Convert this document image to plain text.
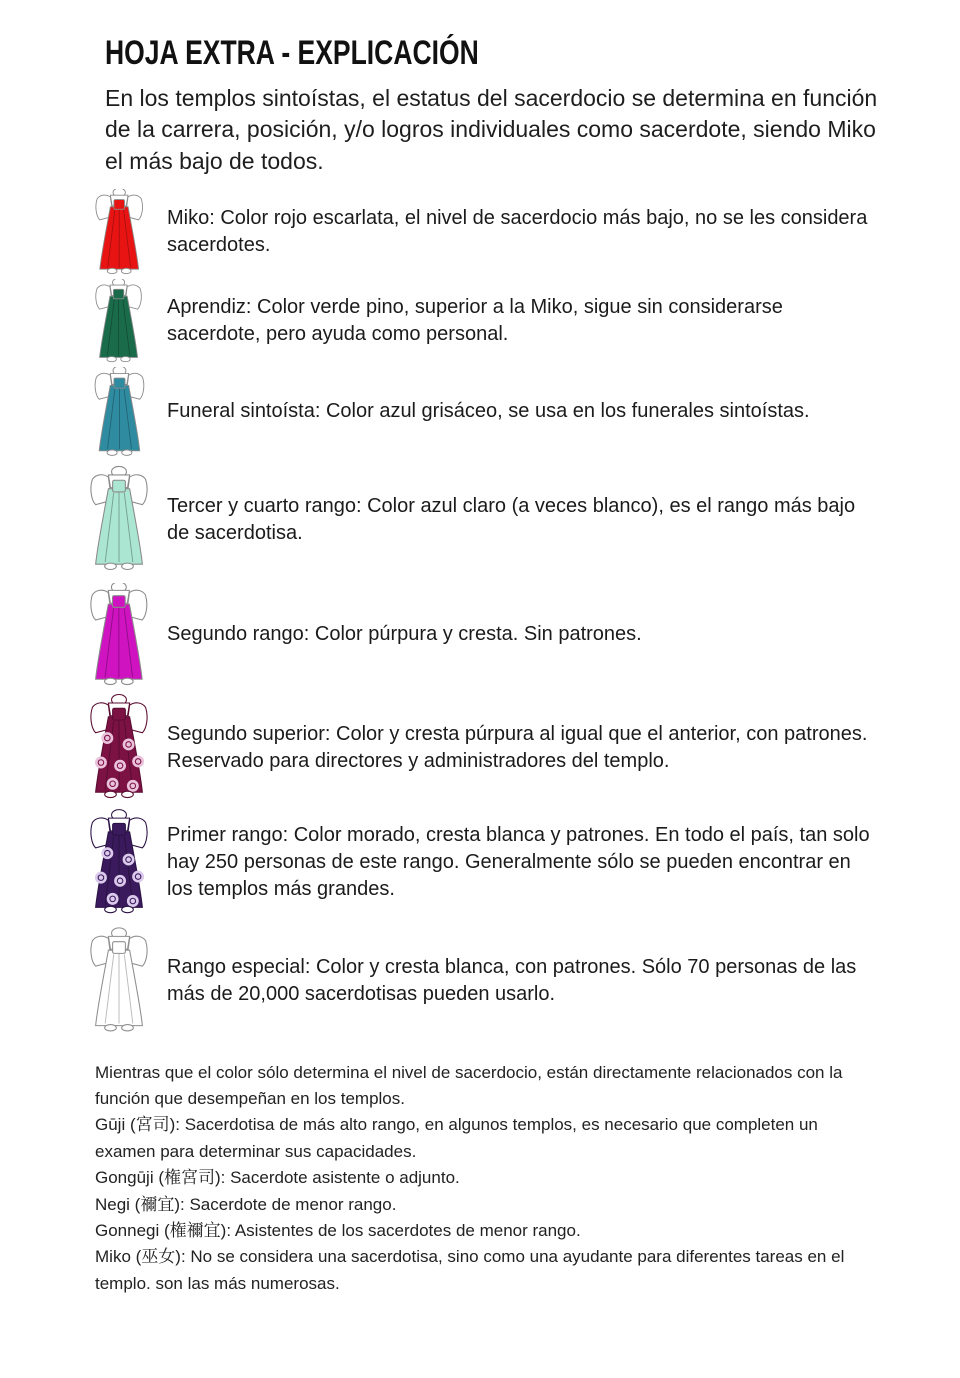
HOJA EXTRA - EXPLICACIÓN

En los templos sintoístas, el estatus del sacerdocio se determina en función de la carrera, posición, y/o logros individuales como sacerdote, siendo Miko el más bajo de todos.

Miko: Color rojo escarlata, el nivel de sacerdocio más bajo, no se les considera sacerdotes.

Aprendiz: Color verde pino, superior a la Miko, sigue sin considerarse sacerdote, pero ayuda como personal.

Funeral sintoísta: Color azul grisáceo, se usa en los funerales sintoístas.

Tercer y cuarto rango: Color azul claro (a veces blanco), es el rango más bajo de sacerdotisa.

Segundo rango: Color púrpura y cresta. Sin patrones.

Segundo superior: Color y cresta púrpura al igual que el anterior, con patrones. Reservado para directores y administradores del templo.

Primer rango: Color morado, cresta blanca y patrones. En todo el país, tan solo hay 250 personas de este rango. Generalmente sólo se pueden encontrar en los templos más grandes.

Rango especial: Color y cresta blanca, con patrones. Sólo 70 personas de las más de 20,000 sacerdotisas pueden usarlo.

Mientras que el color sólo determina el nivel de sacerdocio, están directamente relacionados con la función que desempeñan en los templos.

Gūji (宮司): Sacerdotisa de más alto rango, en algunos templos, es necesario que completen un examen para determinar sus capacidades.

Gongūji (権宮司): Sacerdote asistente o adjunto.

Negi (禰宜): Sacerdote de menor rango.

Gonnegi (権禰宜): Asistentes de los sacerdotes de menor rango.

Miko (巫女): No se considera una sacerdotisa, sino como una ayudante para diferentes tareas en el templo. son las más numerosas.
